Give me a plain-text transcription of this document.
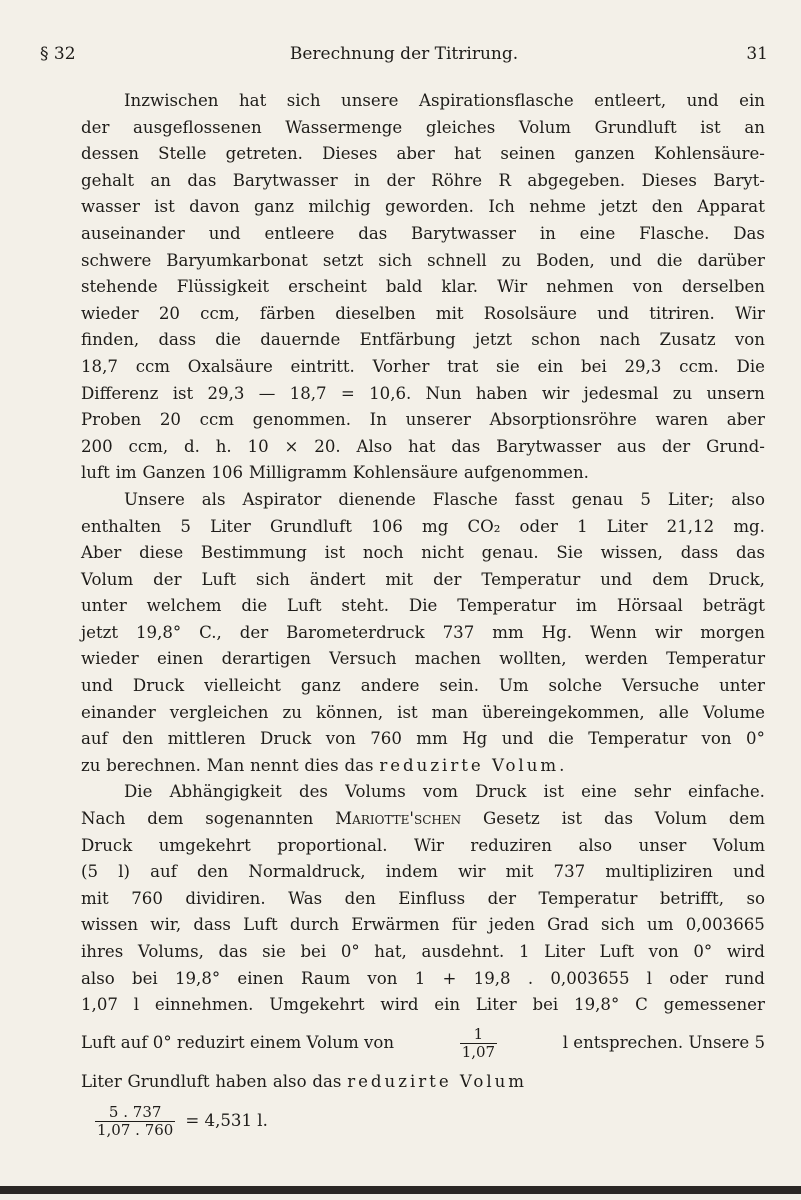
§ 32	Berechnung der Titrirung.	31
Inzwischen hat sich unsere Aspirationsflasche entleert, und ein
der ausgeflossenen Wassermenge gleiches Volum Grundluft ist an
dessen Stelle getreten. Dieses aber hat seinen ganzen Kohlensäure-
gehalt an das Barytwasser in der Röhre R abgegeben. Dieses Baryt-
wasser ist davon ganz milchig geworden. Ich nehme jetzt den Apparat
auseinander und entleere das Barytwasser in eine Flasche. Das
schwere Baryumkarbonat setzt sich schnell zu Boden, und die darüber
stehende Flüssigkeit erscheint bald klar. Wir nehmen von derselben
wieder 20 ccm, färben dieselben mit Rosolsäure und titriren. Wir
finden, dass die dauernde Entfärbung jetzt schon nach Zusatz von
18,7 ccm Oxalsäure eintritt. Vorher trat sie ein bei 29,3 ccm. Die
Differenz ist 29,3 — 18,7 = 10,6. Nun haben wir jedesmal zu unsern
Proben 20 ccm genommen. In unserer Absorptionsröhre waren aber
200 ccm, d. h. 10 × 20. Also hat das Barytwasser aus der Grund-
luft im Ganzen 106 Milligramm Kohlensäure aufgenommen.
Unsere als Aspirator dienende Flasche fasst genau 5 Liter; also
enthalten 5 Liter Grundluft 106 mg CO₂ oder 1 Liter 21,12 mg.
Aber diese Bestimmung ist noch nicht genau. Sie wissen, dass das
Volum der Luft sich ändert mit der Temperatur und dem Druck,
unter welchem die Luft steht. Die Temperatur im Hörsaal beträgt
jetzt 19,8° C., der Barometerdruck 737 mm Hg. Wenn wir morgen
wieder einen derartigen Versuch machen wollten, werden Temperatur
und Druck vielleicht ganz andere sein. Um solche Versuche unter
einander vergleichen zu können, ist man übereingekommen, alle Volume
auf den mittleren Druck von 760 mm Hg und die Temperatur von 0°
zu berechnen. Man nennt dies das reduzirte Volum.
Die Abhängigkeit des Volums vom Druck ist eine sehr einfache.
Nach dem sogenannten Mariotte'schen Gesetz ist das Volum dem
Druck umgekehrt proportional. Wir reduziren also unser Volum
(5 l) auf den Normaldruck, indem wir mit 737 multipliziren und
mit 760 dividiren. Was den Einfluss der Temperatur betrifft, so
wissen wir, dass Luft durch Erwärmen für jeden Grad sich um 0,003665
ihres Volums, das sie bei 0° hat, ausdehnt. 1 Liter Luft von 0° wird
also bei 19,8° einen Raum von 1 + 19,8 . 0,003655 l oder rund
1,07 l einnehmen. Umgekehrt wird ein Liter bei 19,8° C gemessener
Luft auf 0° reduzirt einem Volum von	$\frac{1}{1,07}$	l entsprechen. Unsere 5
Liter Grundluft haben also das reduzirte Volum
$\frac{5 . 737}{1,07 . 760} = 4,531$ l.
